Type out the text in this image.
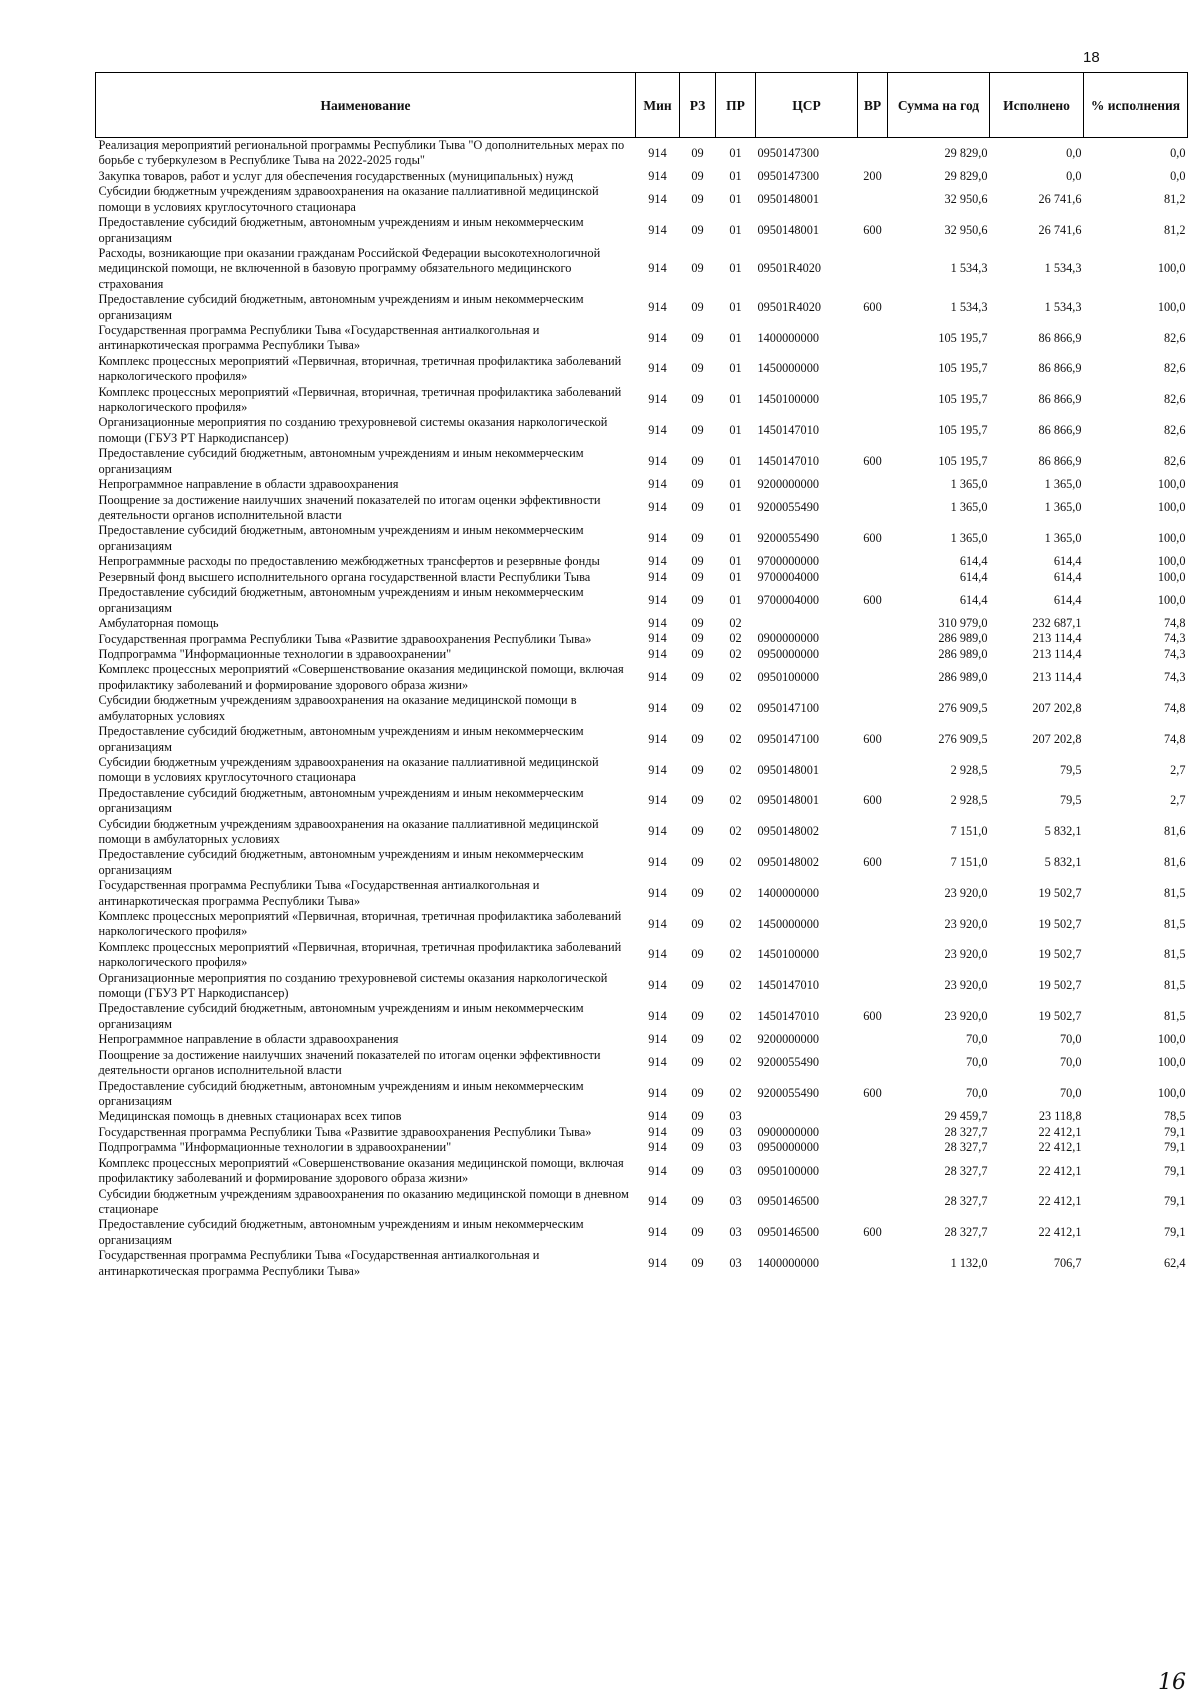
18
Наименование	Мин	РЗ	ПР	ЦСР	ВР	Сумма на год	Исполнено	% исполнения
Реализация мероприятий региональной программы Республики Тыва "О дополнительных мерах по борьбе с туберкулезом в Республике Тыва на 2022-2025 годы"	914	09	01	0950147300		29 829,0	0,0	0,0
Закупка товаров, работ и услуг для обеспечения государственных (муниципальных) нужд	914	09	01	0950147300	200	29 829,0	0,0	0,0
Субсидии бюджетным учреждениям здравоохранения на оказание паллиативной медицинской помощи в условиях круглосуточного стационара	914	09	01	0950148001		32 950,6	26 741,6	81,2
Предоставление субсидий бюджетным, автономным учреждениям и иным некоммерческим организациям	914	09	01	0950148001	600	32 950,6	26 741,6	81,2
Расходы, возникающие при оказании гражданам Российской Федерации высокотехнологичной медицинской помощи, не включенной в базовую программу обязательного медицинского страхования	914	09	01	09501R4020		1 534,3	1 534,3	100,0
Предоставление субсидий бюджетным, автономным учреждениям и иным некоммерческим организациям	914	09	01	09501R4020	600	1 534,3	1 534,3	100,0
Государственная программа Республики Тыва «Государственная антиалкогольная и антинаркотическая программа Республики Тыва»	914	09	01	1400000000		105 195,7	86 866,9	82,6
Комплекс процессных мероприятий «Первичная, вторичная, третичная профилактика заболеваний наркологического профиля»	914	09	01	1450000000		105 195,7	86 866,9	82,6
Комплекс процессных мероприятий «Первичная, вторичная, третичная профилактика заболеваний наркологического профиля»	914	09	01	1450100000		105 195,7	86 866,9	82,6
Организационные мероприятия по созданию трехуровневой системы оказания наркологической помощи (ГБУЗ РТ Наркодиспансер)	914	09	01	1450147010		105 195,7	86 866,9	82,6
Предоставление субсидий бюджетным, автономным учреждениям и иным некоммерческим организациям	914	09	01	1450147010	600	105 195,7	86 866,9	82,6
Непрограммное направление в области здравоохранения	914	09	01	9200000000		1 365,0	1 365,0	100,0
Поощрение за достижение наилучших значений показателей по итогам оценки эффективности деятельности органов исполнительной власти	914	09	01	9200055490		1 365,0	1 365,0	100,0
Предоставление субсидий бюджетным, автономным учреждениям и иным некоммерческим организациям	914	09	01	9200055490	600	1 365,0	1 365,0	100,0
Непрограммные расходы по предоставлению межбюджетных трансфертов и резервные фонды	914	09	01	9700000000		614,4	614,4	100,0
Резервный фонд высшего исполнительного органа государственной власти Республики Тыва	914	09	01	9700004000		614,4	614,4	100,0
Предоставление субсидий бюджетным, автономным учреждениям и иным некоммерческим организациям	914	09	01	9700004000	600	614,4	614,4	100,0
Амбулаторная помощь	914	09	02			310 979,0	232 687,1	74,8
Государственная программа Республики Тыва «Развитие здравоохранения Республики Тыва»	914	09	02	0900000000		286 989,0	213 114,4	74,3
Подпрограмма "Информационные технологии в здравоохранении"	914	09	02	0950000000		286 989,0	213 114,4	74,3
Комплекс процессных мероприятий «Совершенствование оказания медицинской помощи, включая профилактику заболеваний и формирование здорового образа жизни»	914	09	02	0950100000		286 989,0	213 114,4	74,3
Субсидии бюджетным учреждениям здравоохранения на оказание медицинской помощи в амбулаторных условиях	914	09	02	0950147100		276 909,5	207 202,8	74,8
Предоставление субсидий бюджетным, автономным учреждениям и иным некоммерческим организациям	914	09	02	0950147100	600	276 909,5	207 202,8	74,8
Субсидии бюджетным учреждениям здравоохранения на оказание паллиативной медицинской помощи в условиях круглосуточного стационара	914	09	02	0950148001		2 928,5	79,5	2,7
Предоставление субсидий бюджетным, автономным учреждениям и иным некоммерческим организациям	914	09	02	0950148001	600	2 928,5	79,5	2,7
Субсидии бюджетным учреждениям здравоохранения на оказание паллиативной медицинской помощи в амбулаторных условиях	914	09	02	0950148002		7 151,0	5 832,1	81,6
Предоставление субсидий бюджетным, автономным учреждениям и иным некоммерческим организациям	914	09	02	0950148002	600	7 151,0	5 832,1	81,6
Государственная программа Республики Тыва «Государственная антиалкогольная и антинаркотическая программа Республики Тыва»	914	09	02	1400000000		23 920,0	19 502,7	81,5
Комплекс процессных мероприятий «Первичная, вторичная, третичная профилактика заболеваний наркологического профиля»	914	09	02	1450000000		23 920,0	19 502,7	81,5
Комплекс процессных мероприятий «Первичная, вторичная, третичная профилактика заболеваний наркологического профиля»	914	09	02	1450100000		23 920,0	19 502,7	81,5
Организационные мероприятия по созданию трехуровневой системы оказания наркологической помощи (ГБУЗ РТ Наркодиспансер)	914	09	02	1450147010		23 920,0	19 502,7	81,5
Предоставление субсидий бюджетным, автономным учреждениям и иным некоммерческим организациям	914	09	02	1450147010	600	23 920,0	19 502,7	81,5
Непрограммное направление в области здравоохранения	914	09	02	9200000000		70,0	70,0	100,0
Поощрение за достижение наилучших значений показателей по итогам оценки эффективности деятельности органов исполнительной власти	914	09	02	9200055490		70,0	70,0	100,0
Предоставление субсидий бюджетным, автономным учреждениям и иным некоммерческим организациям	914	09	02	9200055490	600	70,0	70,0	100,0
Медицинская помощь в дневных стационарах всех типов	914	09	03			29 459,7	23 118,8	78,5
Государственная программа Республики Тыва «Развитие здравоохранения Республики Тыва»	914	09	03	0900000000		28 327,7	22 412,1	79,1
Подпрограмма "Информационные технологии в здравоохранении"	914	09	03	0950000000		28 327,7	22 412,1	79,1
Комплекс процессных мероприятий «Совершенствование оказания медицинской помощи, включая профилактику заболеваний и формирование здорового образа жизни»	914	09	03	0950100000		28 327,7	22 412,1	79,1
Субсидии бюджетным учреждениям здравоохранения по оказанию медицинской помощи в дневном стационаре	914	09	03	0950146500		28 327,7	22 412,1	79,1
Предоставление субсидий бюджетным, автономным учреждениям и иным некоммерческим организациям	914	09	03	0950146500	600	28 327,7	22 412,1	79,1
Государственная программа Республики Тыва «Государственная антиалкогольная и антинаркотическая программа Республики Тыва»	914	09	03	1400000000		1 132,0	706,7	62,4
16
